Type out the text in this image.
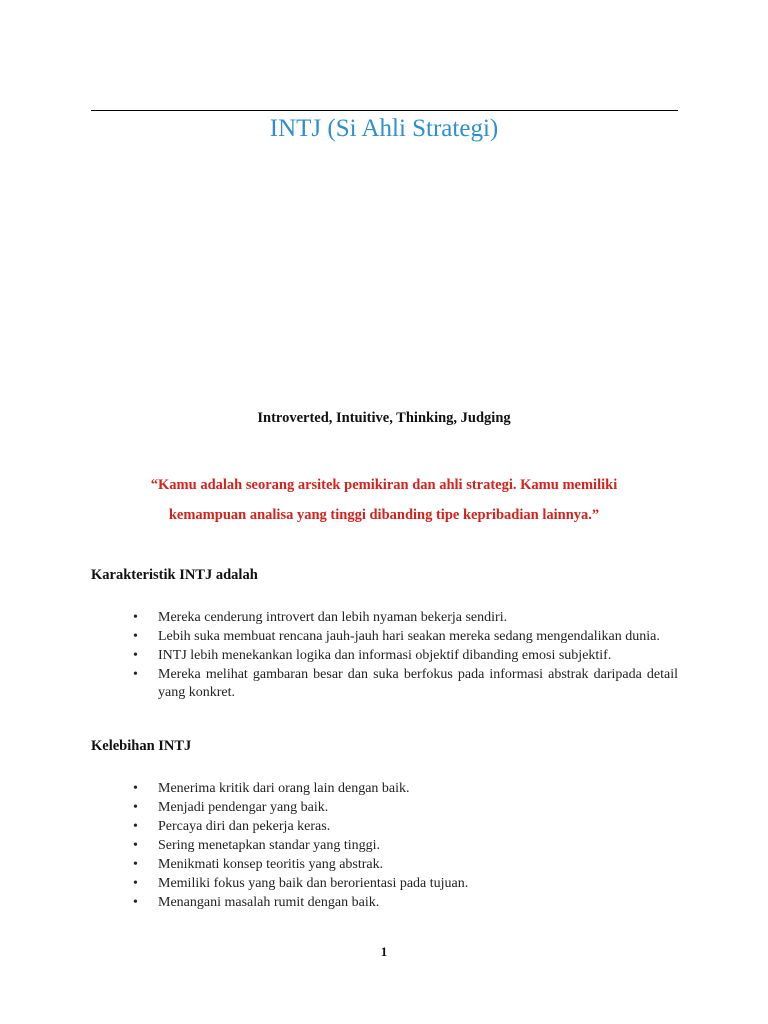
INTJ (Si Ahli Strategi)
Introverted, Intuitive, Thinking, Judging
“Kamu adalah seorang arsitek pemikiran dan ahli strategi. Kamu memiliki
kemampuan analisa yang tinggi dibanding tipe kepribadian lainnya.”
Karakteristik INTJ adalah
• Mereka cenderung introvert dan lebih nyaman bekerja sendiri.
• Lebih suka membuat rencana jauh-jauh hari seakan mereka sedang mengendalikan dunia.
• INTJ lebih menekankan logika dan informasi objektif dibanding emosi subjektif.
• Mereka melihat gambaran besar dan suka berfokus pada informasi abstrak daripada detail yang konkret.
Kelebihan INTJ
• Menerima kritik dari orang lain dengan baik.
• Menjadi pendengar yang baik.
• Percaya diri dan pekerja keras.
• Sering menetapkan standar yang tinggi.
• Menikmati konsep teoritis yang abstrak.
• Memiliki fokus yang baik dan berorientasi pada tujuan.
• Menangani masalah rumit dengan baik.
1
